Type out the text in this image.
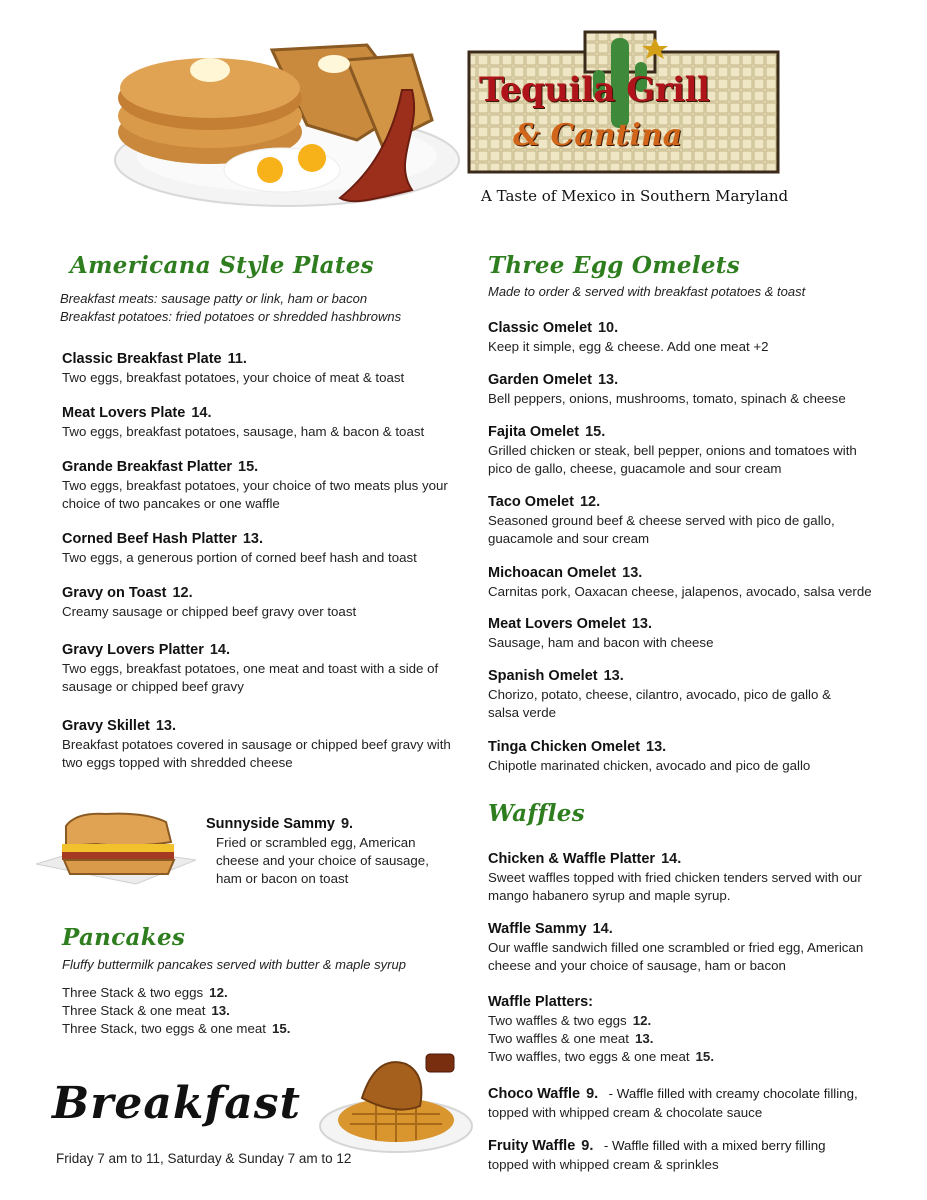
Tequila Grill
& Cantina
A Taste of Mexico in Southern Maryland
Americana Style Plates
Breakfast meats: sausage patty or link, ham or bacon
Breakfast potatoes: fried potatoes or shredded hashbrowns
Classic Breakfast Plate 11.
Two eggs, breakfast potatoes, your choice of meat & toast
Meat Lovers Plate 14.
Two eggs, breakfast potatoes, sausage, ham & bacon & toast
Grande Breakfast Platter 15.
Two eggs, breakfast potatoes, your choice of two meats plus your choice of two pancakes or one waffle
Corned Beef Hash Platter 13.
Two eggs, a generous portion of corned beef hash and toast
Gravy on Toast 12.
Creamy sausage or chipped beef gravy over toast
Gravy Lovers Platter 14.
Two eggs, breakfast potatoes, one meat and toast with a side of sausage or chipped beef gravy
Gravy Skillet 13.
Breakfast potatoes covered in sausage or chipped beef gravy with two eggs topped with shredded cheese
Sunnyside Sammy 9.
Fried or scrambled egg, American cheese and your choice of sausage, ham or bacon on toast
Pancakes
Fluffy buttermilk pancakes served with butter & maple syrup
Three Stack & two eggs 12.
Three Stack & one meat 13.
Three Stack, two eggs & one meat 15.
Breakfast
Friday 7 am to 11, Saturday & Sunday 7 am to 12
Three Egg Omelets
Made to order & served with breakfast potatoes & toast
Classic Omelet 10.
Keep it simple, egg & cheese. Add one meat +2
Garden Omelet 13.
Bell peppers, onions, mushrooms, tomato, spinach & cheese
Fajita Omelet 15.
Grilled chicken or steak, bell pepper, onions and tomatoes with pico de gallo, cheese, guacamole and sour cream
Taco Omelet 12.
Seasoned ground beef & cheese served with pico de gallo, guacamole and sour cream
Michoacan Omelet 13.
Carnitas pork, Oaxacan cheese, jalapenos, avocado, salsa verde
Meat Lovers Omelet 13.
Sausage, ham and bacon with cheese
Spanish Omelet 13.
Chorizo, potato, cheese, cilantro, avocado, pico de gallo & salsa verde
Tinga Chicken Omelet 13.
Chipotle marinated chicken, avocado and pico de gallo
Waffles
Chicken & Waffle Platter 14.
Sweet waffles topped with fried chicken tenders served with our mango habanero syrup and maple syrup.
Waffle Sammy 14.
Our waffle sandwich filled one scrambled or fried egg, American cheese and your choice of sausage, ham or bacon
Waffle Platters:
Two waffles & two eggs 12.
Two waffles & one meat 13.
Two waffles, two eggs & one meat 15.
Choco Waffle 9. - Waffle filled with creamy chocolate filling,
topped with whipped cream & chocolate sauce
Fruity Waffle 9. - Waffle filled with a mixed berry filling
topped with whipped cream & sprinkles
